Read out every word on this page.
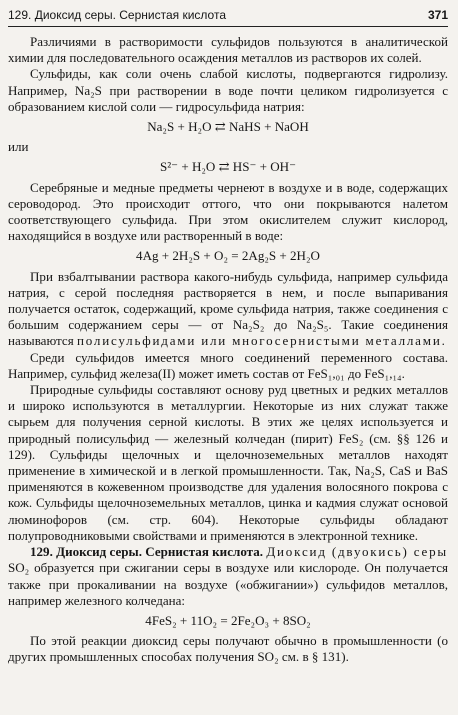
129. Диоксид серы. Сернистая кислота	371

Различиями в растворимости сульфидов пользуются в аналитической химии для последовательного осаждения металлов из растворов их солей.

Сульфиды, как соли очень слабой кислоты, подвергаются гидролизу. Например, Na₂S при растворении в воде почти целиком гидролизуется с образованием кислой соли — гидросульфида натрия:

Na₂S + H₂O ⇄ NaHS + NaOH

или

S²⁻ + H₂O ⇄ HS⁻ + OH⁻

Серебряные и медные предметы чернеют в воздухе и в воде, содержащих сероводород. Это происходит оттого, что они покрываются налетом соответствующего сульфида. При этом окислителем служит кислород, находящийся в воздухе или растворенный в воде:

4Ag + 2H₂S + O₂ = 2Ag₂S + 2H₂O

При взбалтывании раствора какого-нибудь сульфида, например сульфида натрия, с серой последняя растворяется в нем, и после выпаривания получается остаток, содержащий, кроме сульфида натрия, также соединения с большим содержанием серы — от Na₂S₂ до Na₂S₅. Такие соединения называются полисульфидами или многосернистыми металлами.

Среди сульфидов имеется много соединений переменного состава. Например, сульфид железа(II) может иметь состав от FeS₁,₀₁ до FeS₁,₁₄.

Природные сульфиды составляют основу руд цветных и редких металлов и широко используются в металлургии. Некоторые из них служат также сырьем для получения серной кислоты. В этих же целях используется и природный полисульфид — железный колчедан (пирит) FeS₂ (см. §§ 126 и 129). Сульфиды щелочных и щелочноземельных металлов находят применение в химической и в легкой промышленности. Так, Na₂S, CaS и BaS применяются в кожевенном производстве для удаления волосяного покрова с кож. Сульфиды щелочноземельных металлов, цинка и кадмия служат основой люминофоров (см. стр. 604). Некоторые сульфиды обладают полупроводниковыми свойствами и применяются в электронной технике.

129. Диоксид серы. Сернистая кислота. Диоксид (двуокись) серы SO₂ образуется при сжигании серы в воздухе или кислороде. Он получается также при прокаливании на воздухе («обжигании») сульфидов металлов, например железного колчедана:

4FeS₂ + 11O₂ = 2Fe₂O₃ + 8SO₂

По этой реакции диоксид серы получают обычно в промышленности (о других промышленных способах получения SO₂ см. в § 131).
